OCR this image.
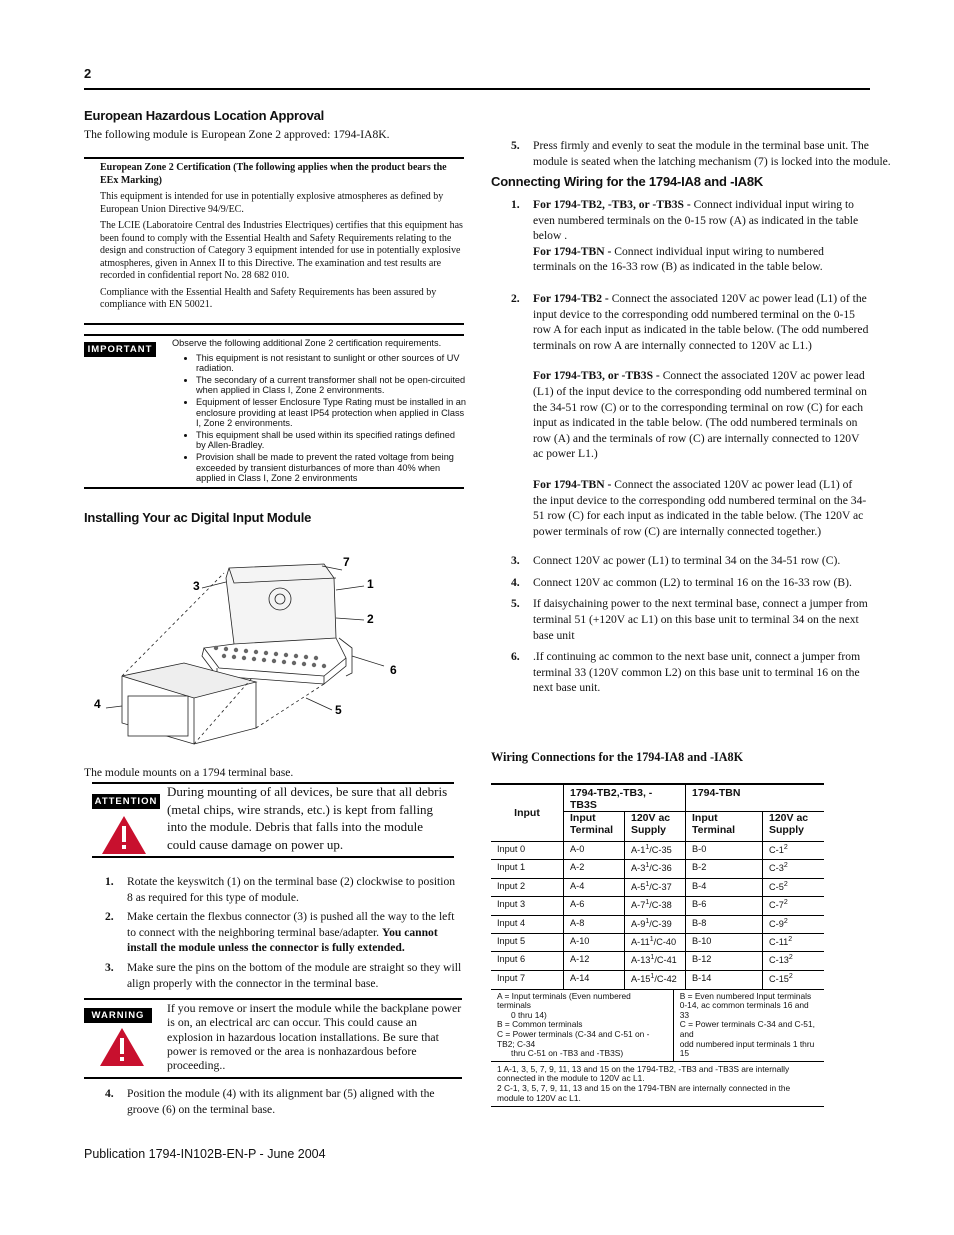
2
European Hazardous Location Approval
The following module is European Zone 2 approved: 1794-IA8K.
European Zone 2 Certification (The following applies when the product bears the EEx Marking)
This equipment is intended for use in potentially explosive atmospheres as defined by European Union Directive 94/9/EC.
The LCIE (Laboratoire Central des Industries Electriques) certifies that this equipment has been found to comply with the Essential Health and Safety Requirements relating to the design and construction of Category 3 equipment intended for use in potentially explosive atmospheres, given in Annex II to this Directive. The examination and test results are recorded in confidential report No. 28 682 010.
Compliance with the Essential Health and Safety Requirements has been assured by compliance with EN 50021.
IMPORTANT
Observe the following additional Zone 2 certification requirements.
• This equipment is not resistant to sunlight or other sources of UV radiation.
• The secondary of a current transformer shall not be open-circuited when applied in Class I, Zone 2 environments.
• Equipment of lesser Enclosure Type Rating must be installed in an enclosure providing at least IP54 protection when applied in Class I, Zone 2 environments.
• This equipment shall be used within its specified ratings defined by Allen-Bradley.
• Provision shall be made to prevent the rated voltage from being exceeded by transient disturbances of more than 40% when applied in Class I, Zone 2 environments
Installing Your ac Digital Input Module
7
3	1
2
6
4	5
The module mounts on a 1794 terminal base.
ATTENTION
During mounting of all devices, be sure that all debris (metal chips, wire strands, etc.) is kept from falling into the module. Debris that falls into the module could cause damage on power up.
1. Rotate the keyswitch (1) on the terminal base (2) clockwise to position 8 as required for this type of module.
2. Make certain the flexbus connector (3) is pushed all the way to the left to connect with the neighboring terminal base/adapter. You cannot install the module unless the connector is fully extended.
3. Make sure the pins on the bottom of the module are straight so they will align properly with the connector in the terminal base.
WARNING
If you remove or insert the module while the backplane power is on, an electrical arc can occur. This could cause an explosion in hazardous location installations. Be sure that power is removed or the area is nonhazardous before proceeding..
4. Position the module (4) with its alignment bar (5) aligned with the groove (6) on the terminal base.
Publication 1794-IN102B-EN-P - June 2004
5. Press firmly and evenly to seat the module in the terminal base unit. The module is seated when the latching mechanism (7) is locked into the module.
Connecting Wiring for the 1794-IA8 and -IA8K
1. For 1794-TB2, -TB3, or -TB3S - Connect individual input wiring to even numbered terminals on the 0-15 row (A) as indicated in the table below .
For 1794-TBN - Connect individual input wiring to numbered terminals on the 16-33 row (B) as indicated in the table below.
2. For 1794-TB2 - Connect the associated 120V ac power lead (L1) of the input device to the corresponding odd numbered terminal on the 0-15 row A for each input as indicated in the table below. (The odd numbered terminals on row A are internally connected to 120V ac L1.)
For 1794-TB3, or -TB3S - Connect the associated 120V ac power lead (L1) of the input device to the corresponding odd numbered terminal on the 34-51 row (C) or to the corresponding terminal on row (C) for each input as indicated in the table below. (The odd numbered terminals on row (A) and the terminals of row (C) are internally connected to 120V ac power L1.)
For 1794-TBN - Connect the associated 120V ac power lead (L1) of the input device to the corresponding odd numbered terminal on the 34-51 row (C) for each input as indicated in the table below. (The 120V ac power terminals of row (C) are internally connected together.)
3. Connect 120V ac power (L1) to terminal 34 on the 34-51 row (C).
4. Connect 120V ac common (L2) to terminal 16 on the 16-33 row (B).
5. If daisychaining power to the next terminal base, connect a jumper from terminal 51 (+120V ac L1) on this base unit to terminal 34 on the next base unit
6. .If continuing ac common to the next base unit, connect a jumper from terminal 33 (120V common L2) on this base unit to terminal 16 on the next base unit.
Wiring Connections for the 1794-IA8 and -IA8K
Input	1794-TB2,-TB3, -TB3S		1794-TBN	
	Input Terminal	120V ac Supply	Input Terminal	120V ac Supply
Input 0	A-0	$A-1^1/C-35$	B-0	$C-1^2$
Input 1	A-2	$A-3^1/C-36$	B-2	$C-3^2$
Input 2	A-4	$A-5^1/C-37$	B-4	$C-5^2$
Input 3	A-6	$A-7^1/C-38$	B-6	$C-7^2$
Input 4	A-8	$A-9^1/C-39$	B-8	$C-9^2$
Input 5	A-10	$A-11^1/C-40$	B-10	$C-11^2$
Input 6	A-12	$A-13^1/C-41$	B-12	$C-13^2$
Input 7	A-14	$A-15^1/C-42$	B-14	$C-15^2$
A = Input terminals (Even numbered terminals
0 thru 14)
B = Common terminals
C = Power terminals (C-34 and C-51 on -TB2; C-34
thru C-51 on -TB3 and -TB3S)
B = Even numbered Input terminals
0-14, ac common terminals 16 and 33
C = Power terminals C-34 and C-51, and
odd numbered input terminals 1 thru 15
1 A-1, 3, 5, 7, 9, 11, 13 and 15 on the 1794-TB2, -TB3 and -TB3S are internally connected in the module to 120V ac L1.
2 C-1, 3, 5, 7, 9, 11, 13 and 15 on the 1794-TBN are internally connected in the module to 120V ac L1.
